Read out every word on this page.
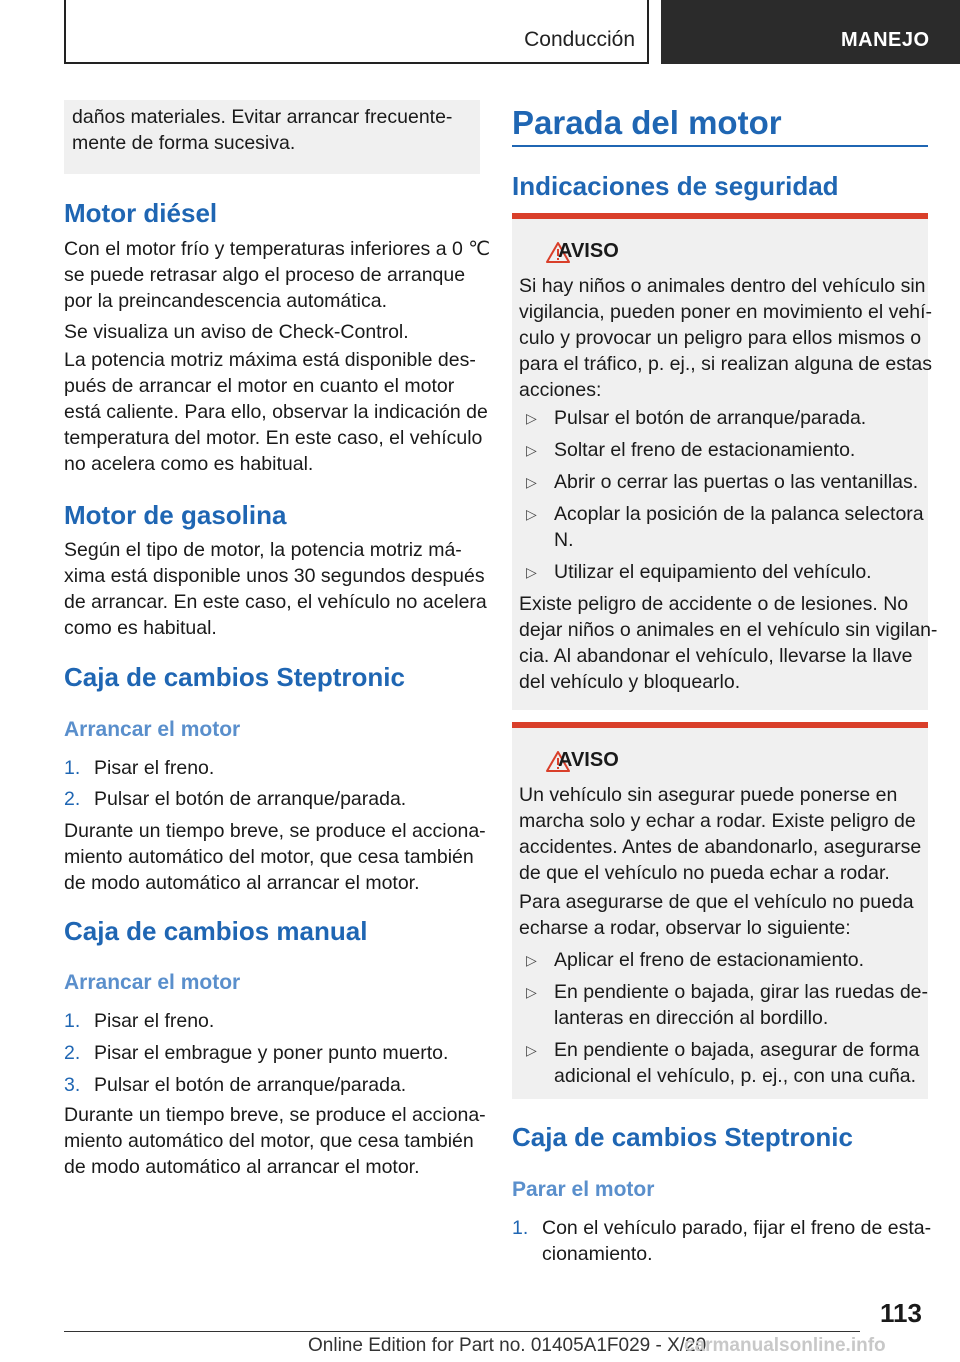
Conducción	MANEJO
113
Online Edition for Part no. 01405A1F029 - X/20
carmanualsonline.info
daños materiales. Evitar arrancar frecuente-
mente de forma sucesiva.
Motor diésel
Con el motor frío y temperaturas inferiores a 0 ℃
se puede retrasar algo el proceso de arranque
por la preincandescencia automática.
Se visualiza un aviso de Check-Control.
La potencia motriz máxima está disponible des-
pués de arrancar el motor en cuanto el motor
está caliente. Para ello, observar la indicación de
temperatura del motor. En este caso, el vehículo
no acelera como es habitual.
Motor de gasolina
Según el tipo de motor, la potencia motriz má-
xima está disponible unos 30 segundos después
de arrancar. En este caso, el vehículo no acelera
como es habitual.
Caja de cambios Steptronic
Arrancar el motor
1. Pisar el freno.
2. Pulsar el botón de arranque/parada.
Durante un tiempo breve, se produce el acciona-
miento automático del motor, que cesa también
de modo automático al arrancar el motor.
Caja de cambios manual
Arrancar el motor
1. Pisar el freno.
2. Pisar el embrague y poner punto muerto.
3. Pulsar el botón de arranque/parada.
Durante un tiempo breve, se produce el acciona-
miento automático del motor, que cesa también
de modo automático al arrancar el motor.
Parada del motor
Indicaciones de seguridad
AVISO
Si hay niños o animales dentro del vehículo sin
vigilancia, pueden poner en movimiento el vehí-
culo y provocar un peligro para ellos mismos o
para el tráfico, p. ej., si realizan alguna de estas
acciones:
▷ Pulsar el botón de arranque/parada.
▷ Soltar el freno de estacionamiento.
▷ Abrir o cerrar las puertas o las ventanillas.
▷ Acoplar la posición de la palanca selectora
N.
▷ Utilizar el equipamiento del vehículo.
Existe peligro de accidente o de lesiones. No
dejar niños o animales en el vehículo sin vigilan-
cia. Al abandonar el vehículo, llevarse la llave
del vehículo y bloquearlo.
AVISO
Un vehículo sin asegurar puede ponerse en
marcha solo y echar a rodar. Existe peligro de
accidentes. Antes de abandonarlo, asegurarse
de que el vehículo no pueda echar a rodar.
Para asegurarse de que el vehículo no pueda
echarse a rodar, observar lo siguiente:
▷ Aplicar el freno de estacionamiento.
▷ En pendiente o bajada, girar las ruedas de-
lanteras en dirección al bordillo.
▷ En pendiente o bajada, asegurar de forma
adicional el vehículo, p. ej., con una cuña.
Caja de cambios Steptronic
Parar el motor
1. Con el vehículo parado, fijar el freno de esta-
cionamiento.
